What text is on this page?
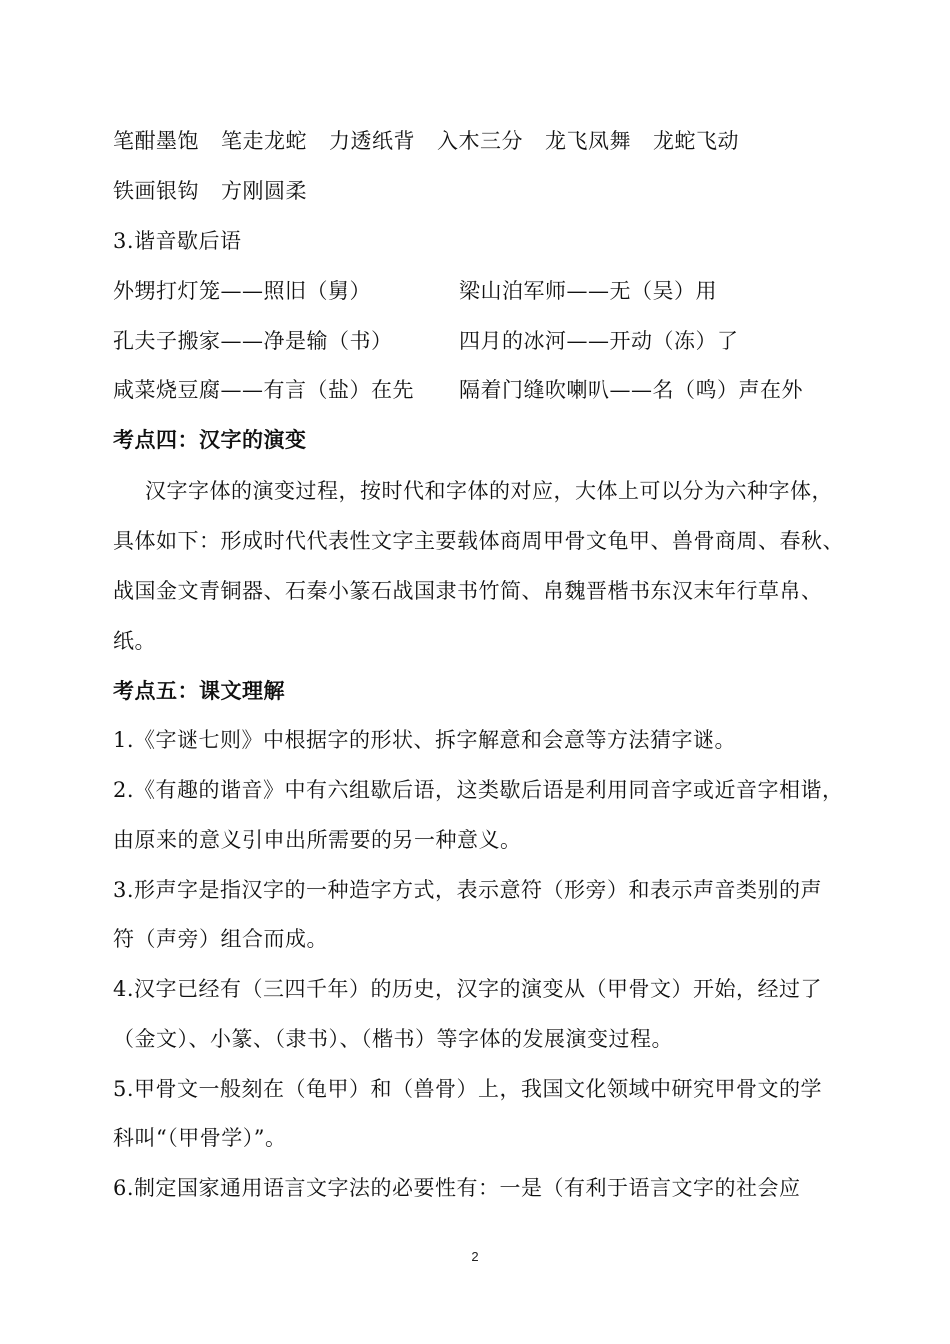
笔酣墨饱 笔走龙蛇 力透纸背 入木三分 龙飞凤舞 龙蛇飞动
铁画银钩 方刚圆柔
3.谐音歇后语
外甥打灯笼——照旧（舅）	梁山泊军师——无（吴）用
孔夫子搬家——净是输（书）	四月的冰河——开动（冻）了
咸菜烧豆腐——有言（盐）在先 隔着门缝吹喇叭——名（鸣）声在外
考点四：汉字的演变
汉字字体的演变过程，按时代和字体的对应，大体上可以分为六种字体，
具体如下：形成时代代表性文字主要载体商周甲骨文龟甲、兽骨商周、春秋、
战国金文青铜器、石秦小篆石战国隶书竹简、帛魏晋楷书东汉末年行草帛、
纸。
考点五：课文理解
1.《字谜七则》中根据字的形状、拆字解意和会意等方法猜字谜。
2.《有趣的谐音》中有六组歇后语，这类歇后语是利用同音字或近音字相谐，
由原来的意义引申出所需要的另一种意义。
3.形声字是指汉字的一种造字方式，表示意符（形旁）和表示声音类别的声
符（声旁）组合而成。
4.汉字已经有（三四千年）的历史，汉字的演变从（甲骨文）开始，经过了
（金文）、小篆、（隶书）、（楷书）等字体的发展演变过程。
5.甲骨文一般刻在（龟甲）和（兽骨）上，我国文化领域中研究甲骨文的学
科叫“（甲骨学）”。
6.制定国家通用语言文字法的必要性有：一是（有利于语言文字的社会应
2
